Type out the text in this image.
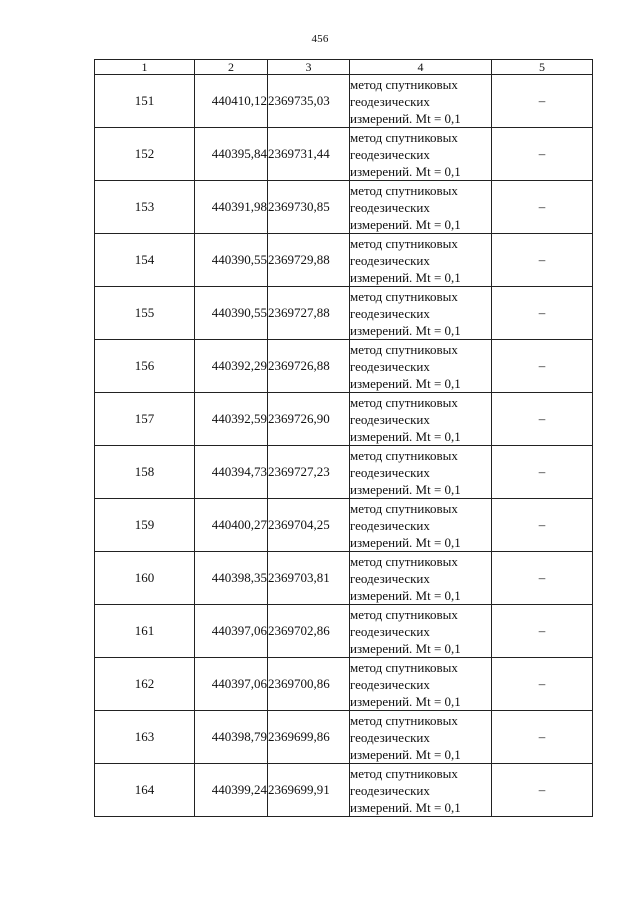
456
1	2	3	4	5
151	440410,12	2369735,03	метод спутниковых
геодезических
измерений. Mt = 0,1	–
152	440395,84	2369731,44	метод спутниковых
геодезических
измерений. Mt = 0,1	–
153	440391,98	2369730,85	метод спутниковых
геодезических
измерений. Mt = 0,1	–
154	440390,55	2369729,88	метод спутниковых
геодезических
измерений. Mt = 0,1	–
155	440390,55	2369727,88	метод спутниковых
геодезических
измерений. Mt = 0,1	–
156	440392,29	2369726,88	метод спутниковых
геодезических
измерений. Mt = 0,1	–
157	440392,59	2369726,90	метод спутниковых
геодезических
измерений. Mt = 0,1	–
158	440394,73	2369727,23	метод спутниковых
геодезических
измерений. Mt = 0,1	–
159	440400,27	2369704,25	метод спутниковых
геодезических
измерений. Mt = 0,1	–
160	440398,35	2369703,81	метод спутниковых
геодезических
измерений. Mt = 0,1	–
161	440397,06	2369702,86	метод спутниковых
геодезических
измерений. Mt = 0,1	–
162	440397,06	2369700,86	метод спутниковых
геодезических
измерений. Mt = 0,1	–
163	440398,79	2369699,86	метод спутниковых
геодезических
измерений. Mt = 0,1	–
164	440399,24	2369699,91	метод спутниковых
геодезических
измерений. Mt = 0,1	–
